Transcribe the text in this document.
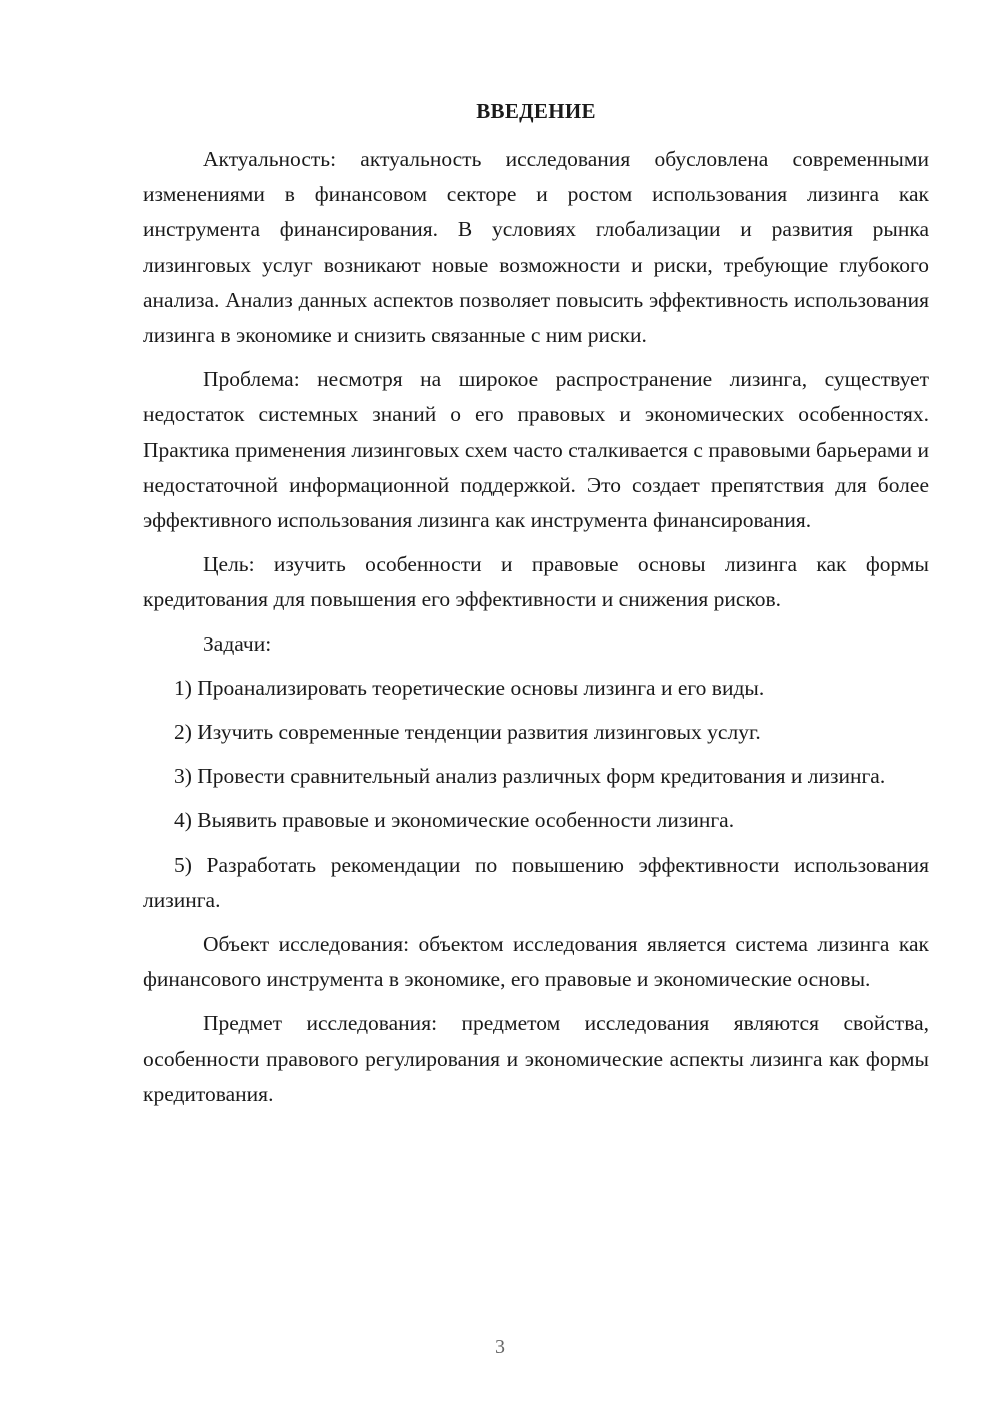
ВВЕДЕНИЕ

Актуальность: актуальность исследования обусловлена современными изменениями в финансовом секторе и ростом использования лизинга как инструмента финансирования. В условиях глобализации и развития рынка лизинговых услуг возникают новые возможности и риски, требующие глубокого анализа. Анализ данных аспектов позволяет повысить эффективность использования лизинга в экономике и снизить связанные с ним риски.

Проблема: несмотря на широкое распространение лизинга, существует недостаток системных знаний о его правовых и экономических особенностях. Практика применения лизинговых схем часто сталкивается с правовыми барьерами и недостаточной информационной поддержкой. Это создает препятствия для более эффективного использования лизинга как инструмента финансирования.

Цель: изучить особенности и правовые основы лизинга как формы кредитования для повышения его эффективности и снижения рисков.

Задачи:

1) Проанализировать теоретические основы лизинга и его виды.

2) Изучить современные тенденции развития лизинговых услуг.

3) Провести сравнительный анализ различных форм кредитования и лизинга.

4) Выявить правовые и экономические особенности лизинга.

5) Разработать рекомендации по повышению эффективности использования лизинга.

Объект исследования: объектом исследования является система лизинга как финансового инструмента в экономике, его правовые и экономические основы.

Предмет исследования: предметом исследования являются свойства, особенности правового регулирования и экономические аспекты лизинга как формы кредитования.

3
